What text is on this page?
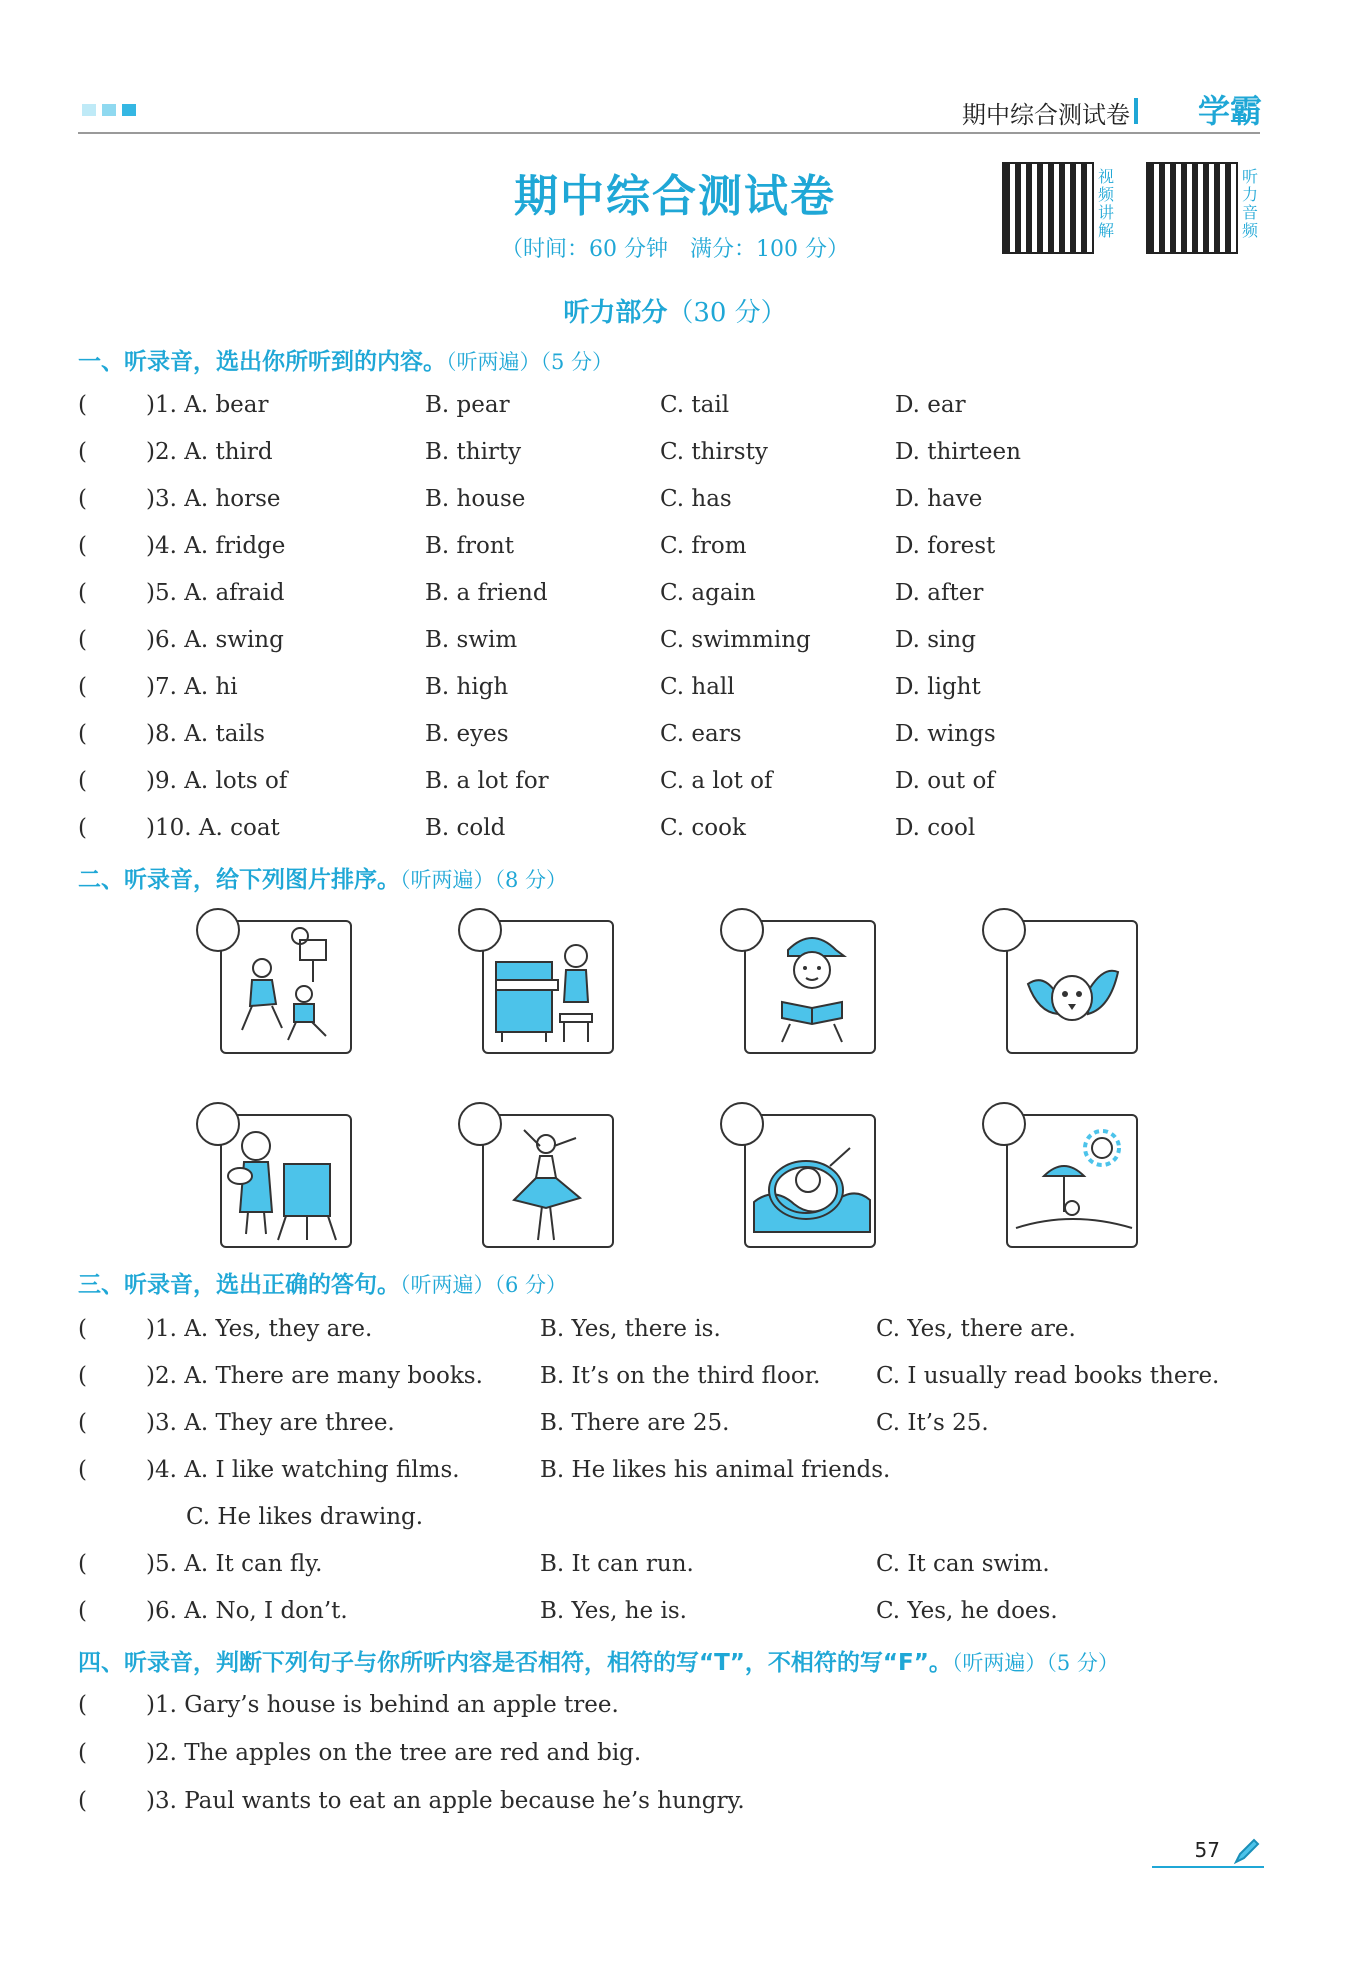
期中综合测试卷 学霸
期中综合测试卷
（时间：60 分钟　满分：100 分）
视频讲解
听力音频
听力部分（30 分）
一、听录音，选出你所听到的内容。（听两遍）（5 分）
(	)1. A. bear	B. pear	C. tail	D. ear
(	)2. A. third	B. thirty	C. thirsty	D. thirteen
(	)3. A. horse	B. house	C. has	D. have
(	)4. A. fridge	B. front	C. from	D. forest
(	)5. A. afraid	B. a friend	C. again	D. after
(	)6. A. swing	B. swim	C. swimming	D. sing
(	)7. A. hi	B. high	C. hall	D. light
(	)8. A. tails	B. eyes	C. ears	D. wings
(	)9. A. lots of	B. a lot for	C. a lot of	D. out of
(	)10. A. coat	B. cold	C. cook	D. cool
二、听录音，给下列图片排序。（听两遍）（8 分）
三、听录音，选出正确的答句。（听两遍）（6 分）
(	)1. A. Yes, they are.	B. Yes, there is.	C. Yes, there are.
(	)2. A. There are many books. B. It’s on the third floor. C. I usually read books there.
(	)3. A. They are three.	B. There are 25.	C. It’s 25.
(	)4. A. I like watching films.	B. He likes his animal friends.
C. He likes drawing.
(	)5. A. It can fly.	B. It can run.	C. It can swim.
(	)6. A. No, I don’t.	B. Yes, he is.	C. Yes, he does.
四、听录音，判断下列句子与你所听内容是否相符，相符的写“T”，不相符的写“F”。（听两遍）（5 分）
(	)1. Gary’s house is behind an apple tree.
(	)2. The apples on the tree are red and big.
(	)3. Paul wants to eat an apple because he’s hungry.
57
